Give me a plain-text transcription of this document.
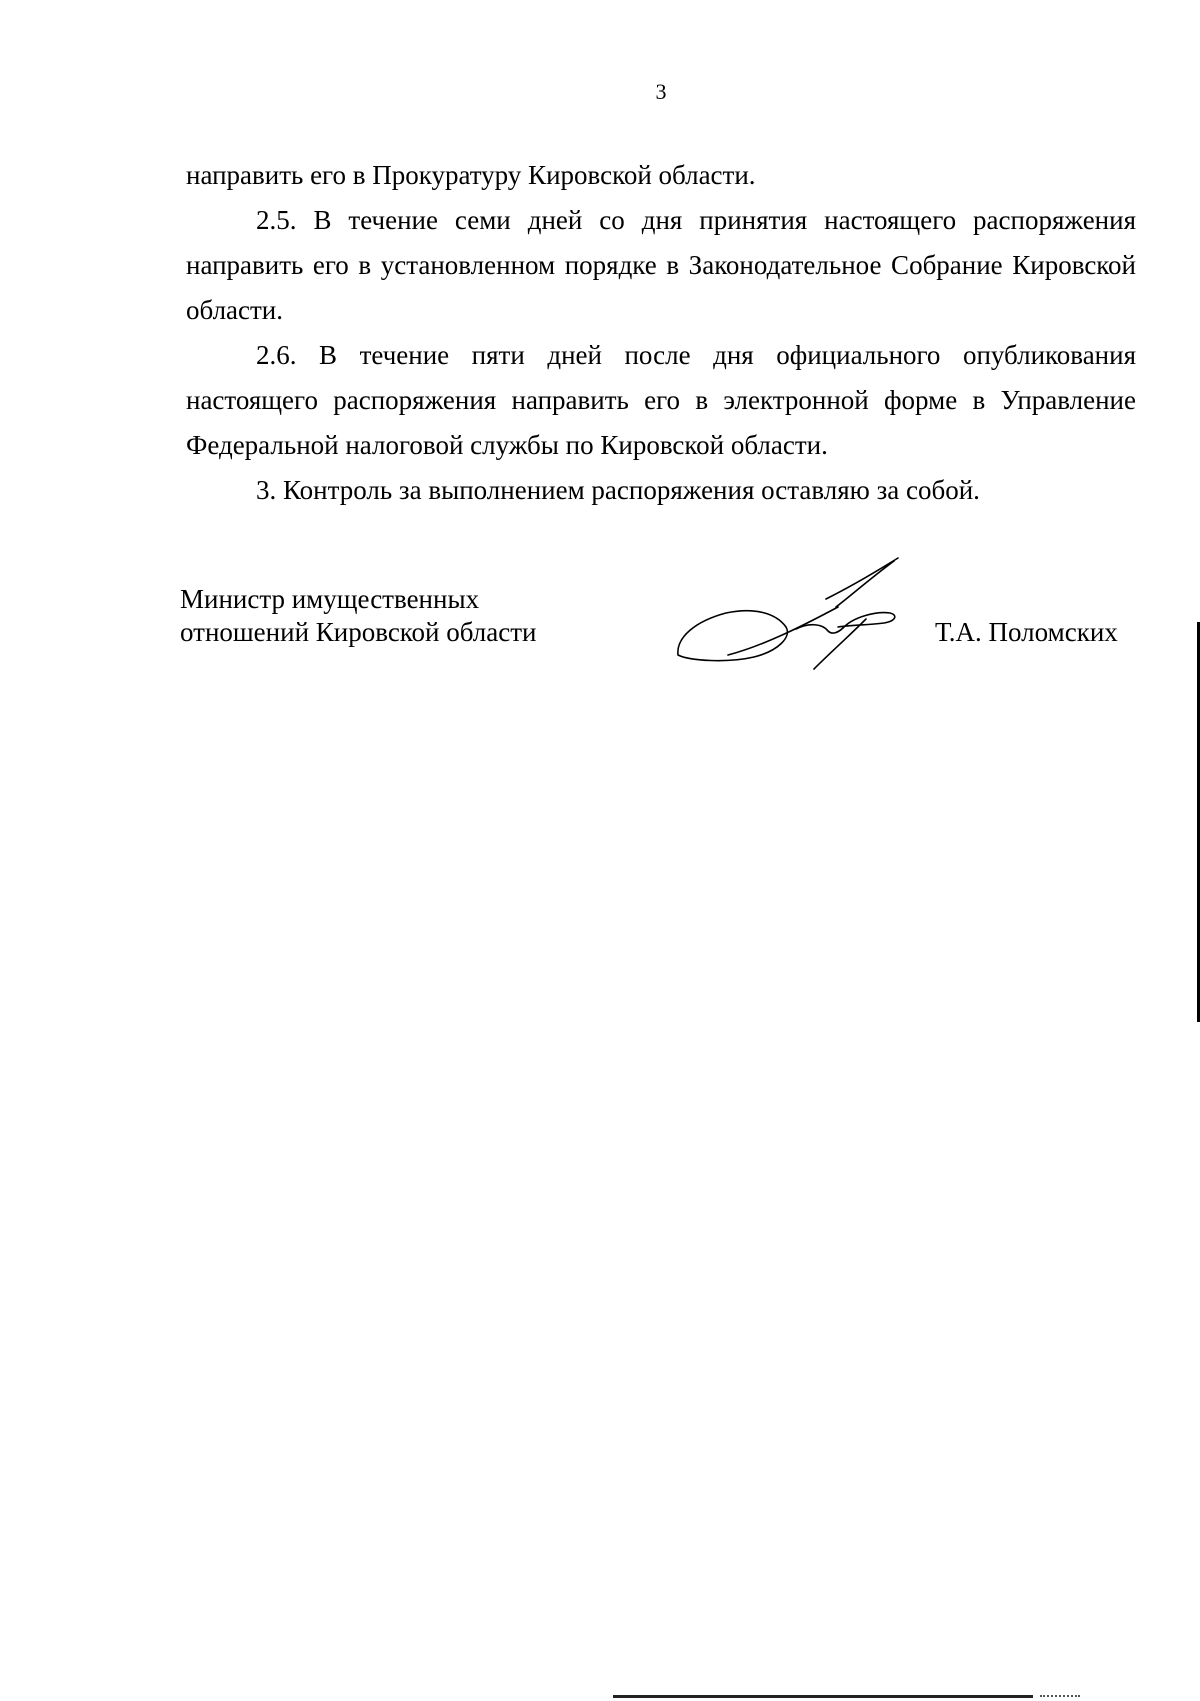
3

направить его в Прокуратуру Кировской области.

2.5. В течение семи дней со дня принятия настоящего распоряжения направить его в установленном порядке в Законодательное Собрание Кировской области.

2.6. В течение пяти дней после дня официального опубликования настоящего распоряжения направить его в электронной форме в Управление Федеральной налоговой службы по Кировской области.

3. Контроль за выполнением распоряжения оставляю за собой.

Министр имущественных
отношений Кировской области	Т.А. Поломских
